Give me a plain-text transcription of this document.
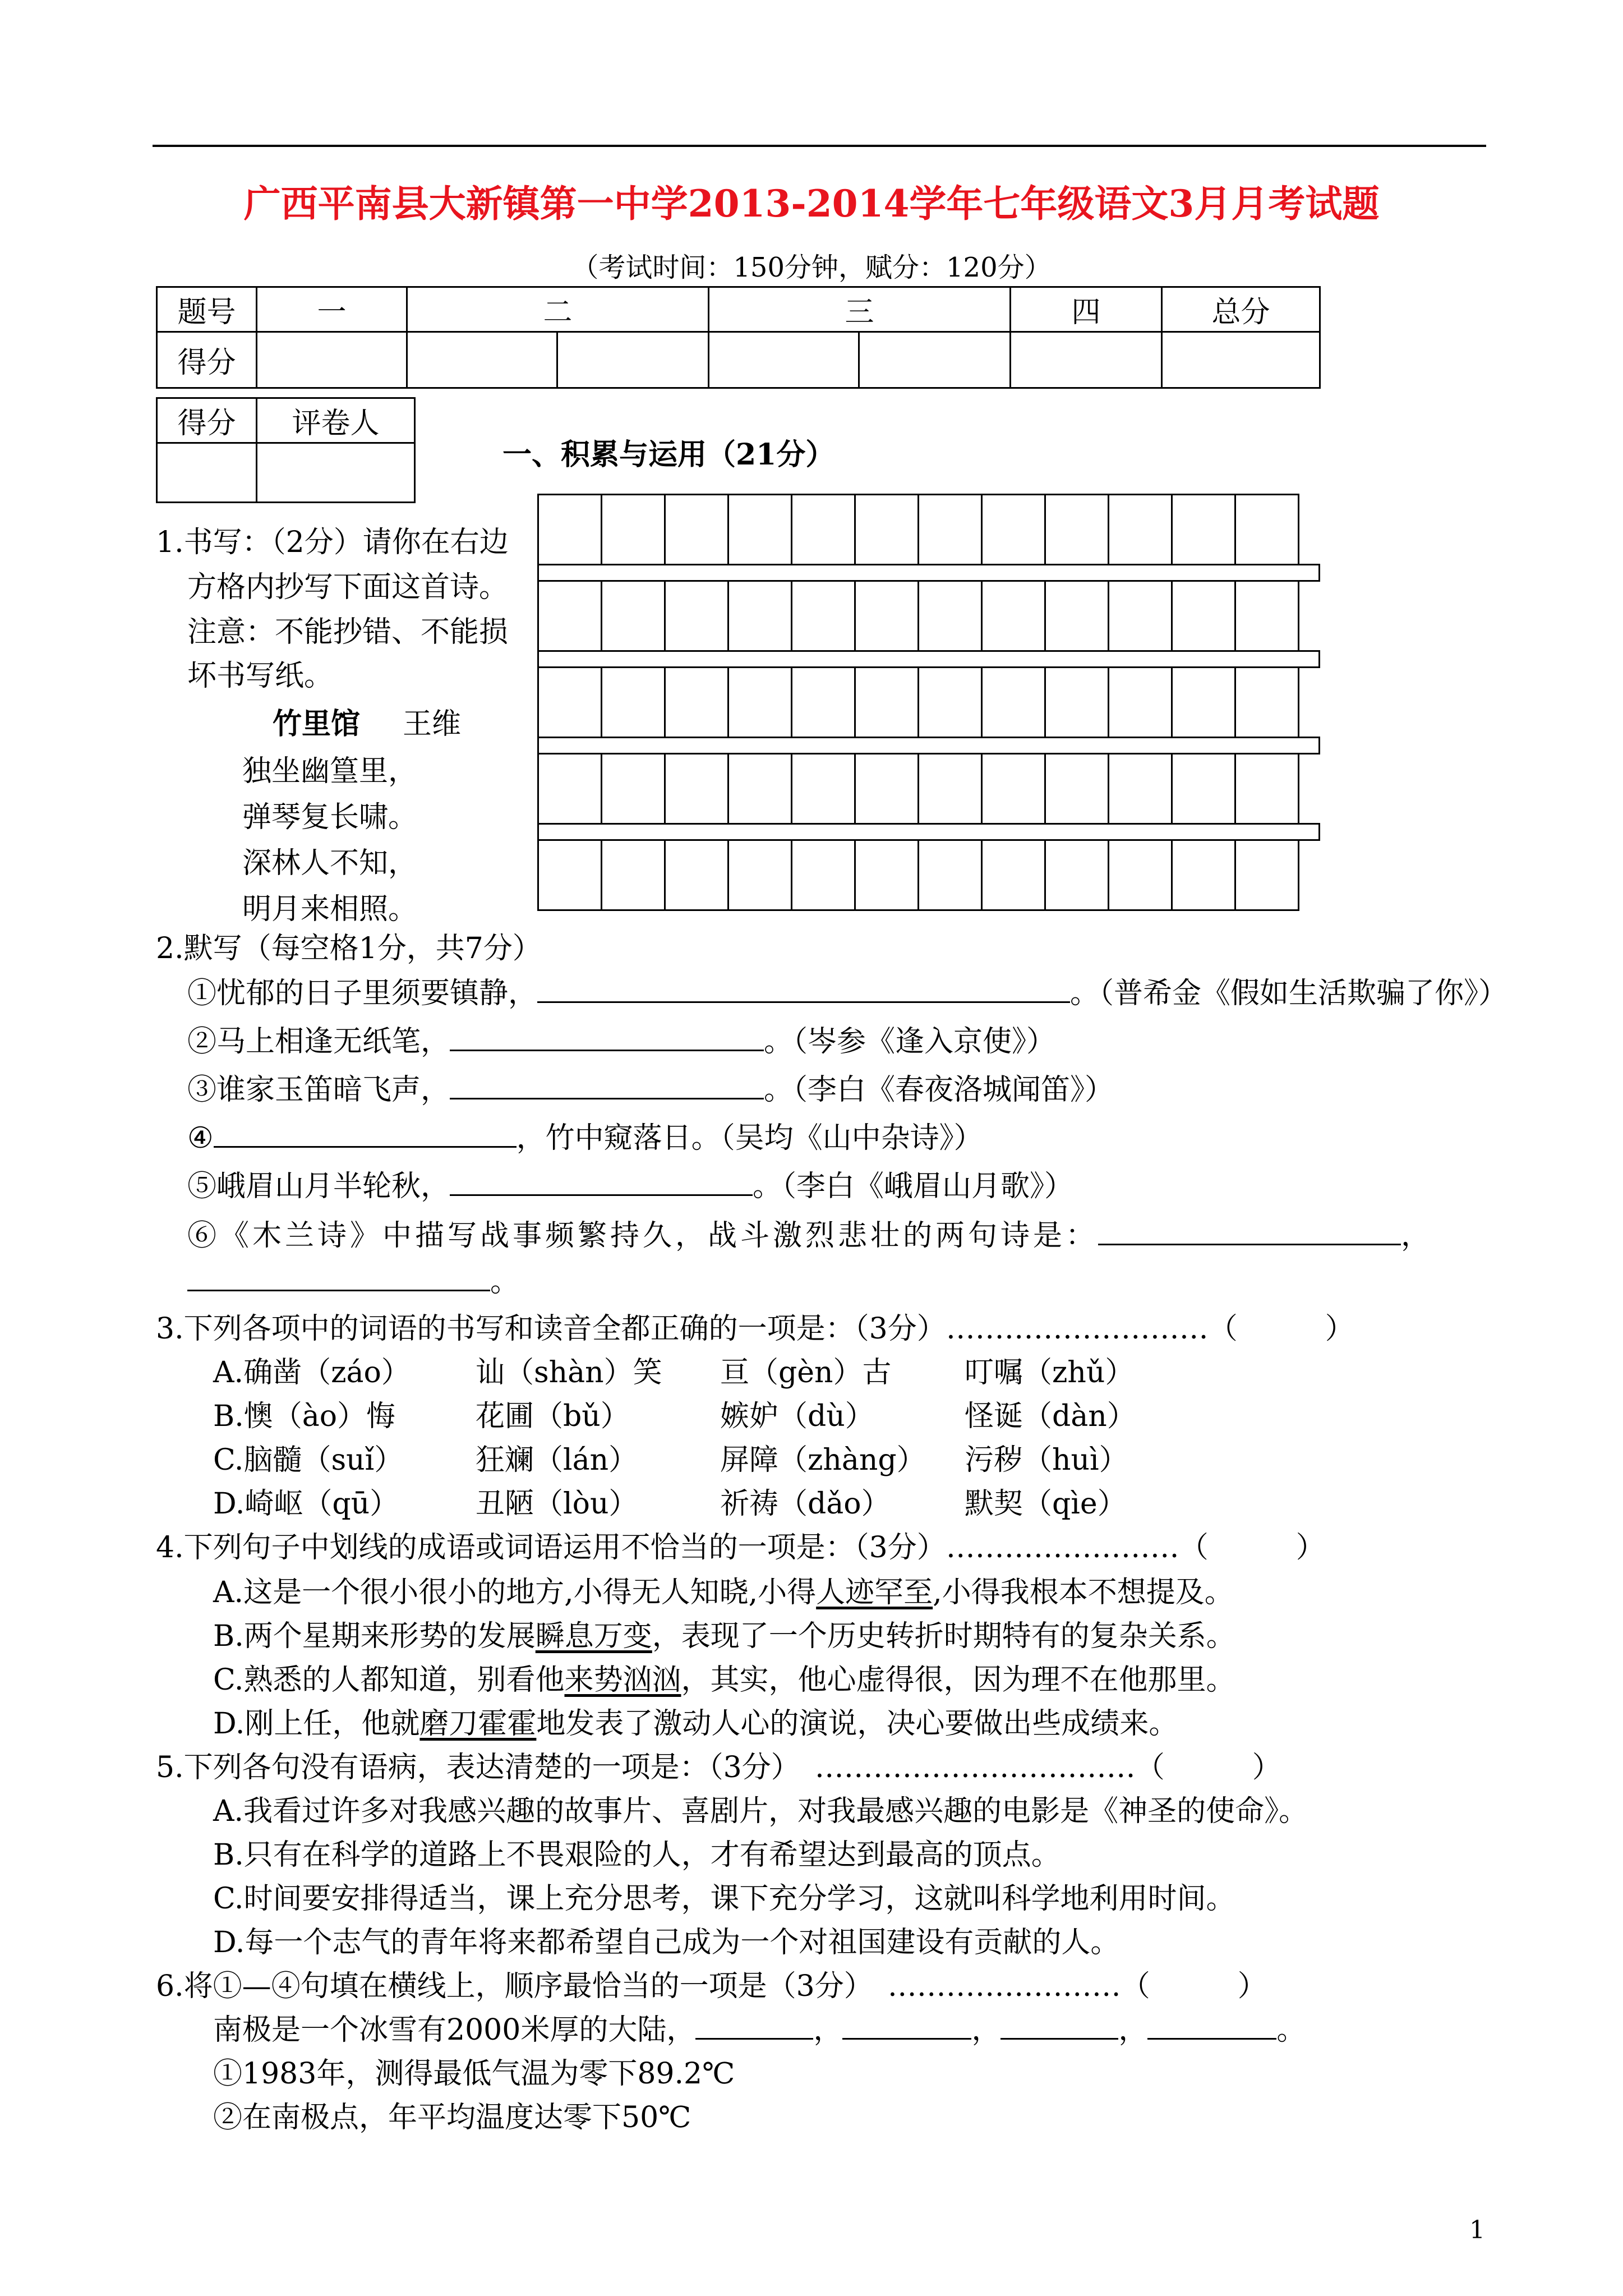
广西平南县大新镇第一中学2013-2014学年七年级语文3月月考试题
（考试时间：150分钟，赋分：120分）
题号	一	二		三		四	总分
得分							
得分	评卷人

一、积累与运用（21分）
1.书写：（2分）请你在右边
方格内抄写下面这首诗。
注意：不能抄错、不能损
坏书写纸。
竹里馆 王维
独坐幽篁里，
弹琴复长啸。
深林人不知，
明月来相照。
2.默写（每空格1分，共7分）
①忧郁的日子里须要镇静，	。（普希金《假如生活欺骗了你》）
②马上相逢无纸笔，	。（岑参《逢入京使》）
③谁家玉笛暗飞声，	。（李白《春夜洛城闻笛》）
④	，竹中窥落日。（吴均《山中杂诗》）
⑤峨眉山月半轮秋，	。（李白《峨眉山月歌》）
⑥《木兰诗》中描写战事频繁持久，战斗激烈悲壮的两句诗是：	，
。
3.下列各项中的词语的书写和读音全都正确的一项是：（3分）………………………（　　　）
A.确凿（záo） 讪（shàn）笑 亘（gèn）古	叮嘱（zhǔ）
B.懊（ào）悔	花圃（bǔ）	嫉妒（dù）	怪诞（dàn）
C.脑髓（suǐ） 狂斓（lán）	屏障（zhàng） 污秽（huì）
D.崎岖（qū）	丑陋（lòu）	祈祷（dǎo）	默契（qìe）
4.下列句子中划线的成语或词语运用不恰当的一项是：（3分）……………………（　　　）
A.这是一个很小很小的地方,小得无人知晓,小得人迹罕至,小得我根本不想提及。
B.两个星期来形势的发展瞬息万变，表现了一个历史转折时期特有的复杂关系。
C.熟悉的人都知道，别看他来势汹汹，其实，他心虚得很，因为理不在他那里。
D.刚上任，他就磨刀霍霍地发表了激动人心的演说，决心要做出些成绩来。
5.下列各句没有语病，表达清楚的一项是：（3分）　……………………………（　　　）
A.我看过许多对我感兴趣的故事片、喜剧片，对我最感兴趣的电影是《神圣的使命》。
B.只有在科学的道路上不畏艰险的人，才有希望达到最高的顶点。
C.时间要安排得适当，课上充分思考，课下充分学习，这就叫科学地利用时间。
D.每一个志气的青年将来都希望自己成为一个对祖国建设有贡献的人。
6.将①—④句填在横线上，顺序最恰当的一项是（3分）　……………………（　　　）
南极是一个冰雪有2000米厚的大陆，	，	，	，	。
①1983年，测得最低气温为零下89.2℃
②在南极点，年平均温度达零下50℃
1
